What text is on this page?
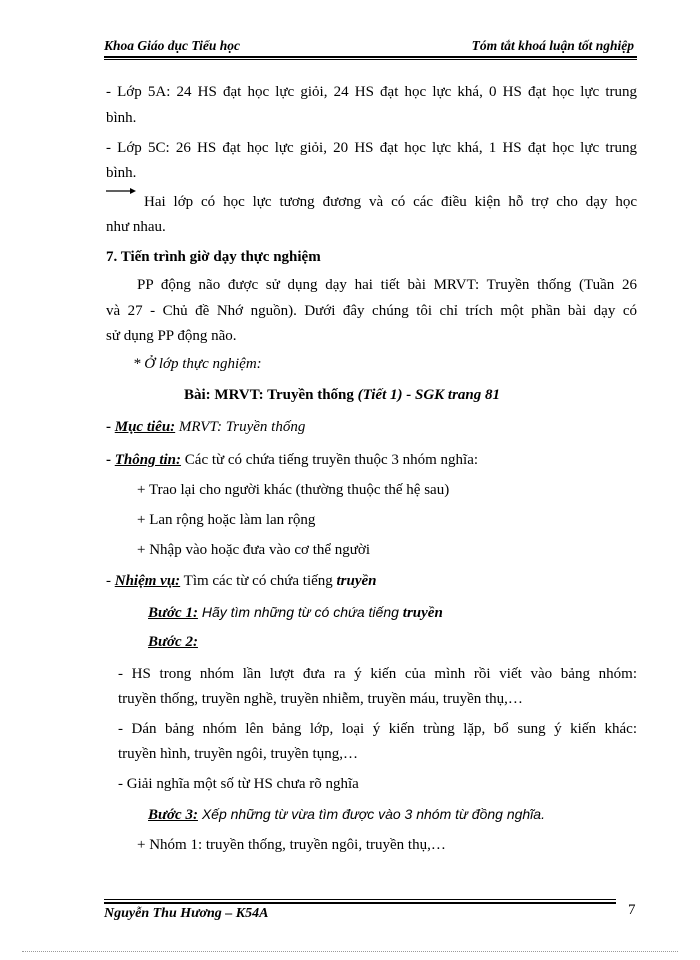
Khoa Giáo dục Tiểu học	Tóm tắt khoá luận tốt nghiệp
- Lớp 5A: 24 HS đạt học lực giỏi, 24 HS đạt học lực khá, 0 HS đạt học lực trung
bình.
- Lớp 5C: 26 HS đạt học lực giỏi, 20 HS đạt học lực khá, 1 HS đạt học lực trung
bình.
Hai lớp có học lực tương đương và có các điều kiện hỗ trợ cho dạy học
như nhau.
7. Tiến trình giờ dạy thực nghiệm
PP động não được sử dụng dạy hai tiết bài MRVT: Truyền thống (Tuần 26
và 27 - Chủ đề Nhớ nguồn). Dưới đây chúng tôi chỉ trích một phần bài dạy có
sử dụng PP động não.
* Ở lớp thực nghiệm:
Bài: MRVT: Truyền thống (Tiết 1) - SGK trang 81
- Mục tiêu: MRVT: Truyền thống
- Thông tin: Các từ có chứa tiếng truyền thuộc 3 nhóm nghĩa:
+ Trao lại cho người khác (thường thuộc thế hệ sau)
+ Lan rộng hoặc làm lan rộng
+ Nhập vào hoặc đưa vào cơ thể người
- Nhiệm vụ: Tìm các từ có chứa tiếng truyền
Bước 1: Hãy tìm những từ có chứa tiếng truyền
Bước 2:
- HS trong nhóm lần lượt đưa ra ý kiến của mình rồi viết vào bảng nhóm:
truyền thống, truyền nghề, truyền nhiễm, truyền máu, truyền thụ,…
- Dán bảng nhóm lên bảng lớp, loại ý kiến trùng lặp, bổ sung ý kiến khác:
truyền hình, truyền ngôi, truyền tụng,…
- Giải nghĩa một số từ HS chưa rõ nghĩa
Bước 3: Xếp những từ vừa tìm được vào 3 nhóm từ đồng nghĩa.
+ Nhóm 1: truyền thống, truyền ngôi, truyền thụ,…
Nguyễn Thu Hương – K54A	7
